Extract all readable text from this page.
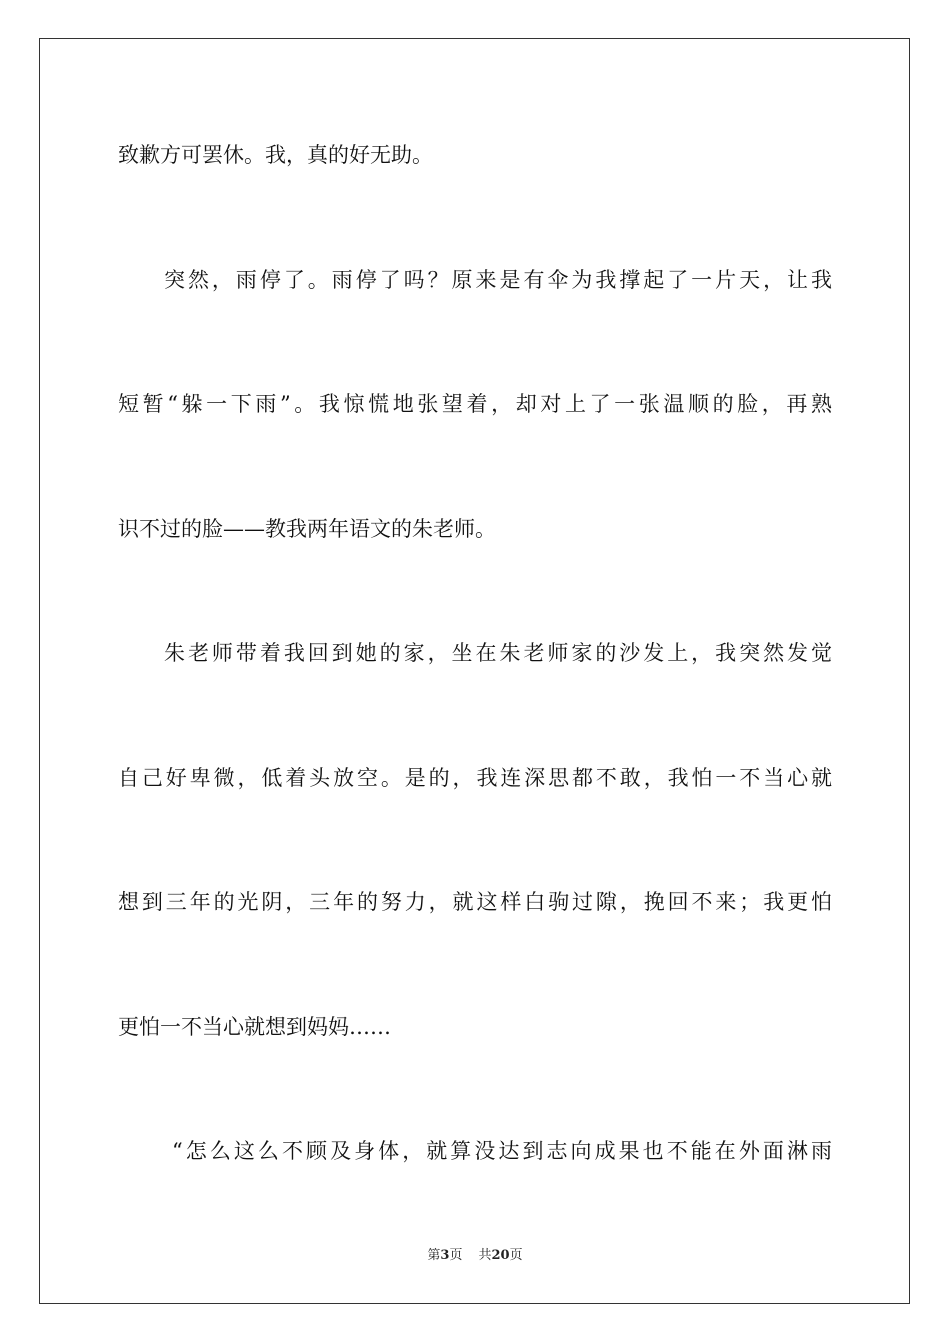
致歉方可罢休。我，真的好无助。
突然，雨停了。雨停了吗？原来是有伞为我撑起了一片天，让我
短暂“躲一下雨”。我惊慌地张望着，却对上了一张温顺的脸，再熟
识不过的脸——教我两年语文的朱老师。
朱老师带着我回到她的家，坐在朱老师家的沙发上，我突然发觉
自己好卑微，低着头放空。是的，我连深思都不敢，我怕一不当心就
想到三年的光阴，三年的努力，就这样白驹过隙，挽回不来；我更怕
更怕一不当心就想到妈妈……
“怎么这么不顾及身体，就算没达到志向成果也不能在外面淋雨
第3页 共20页
